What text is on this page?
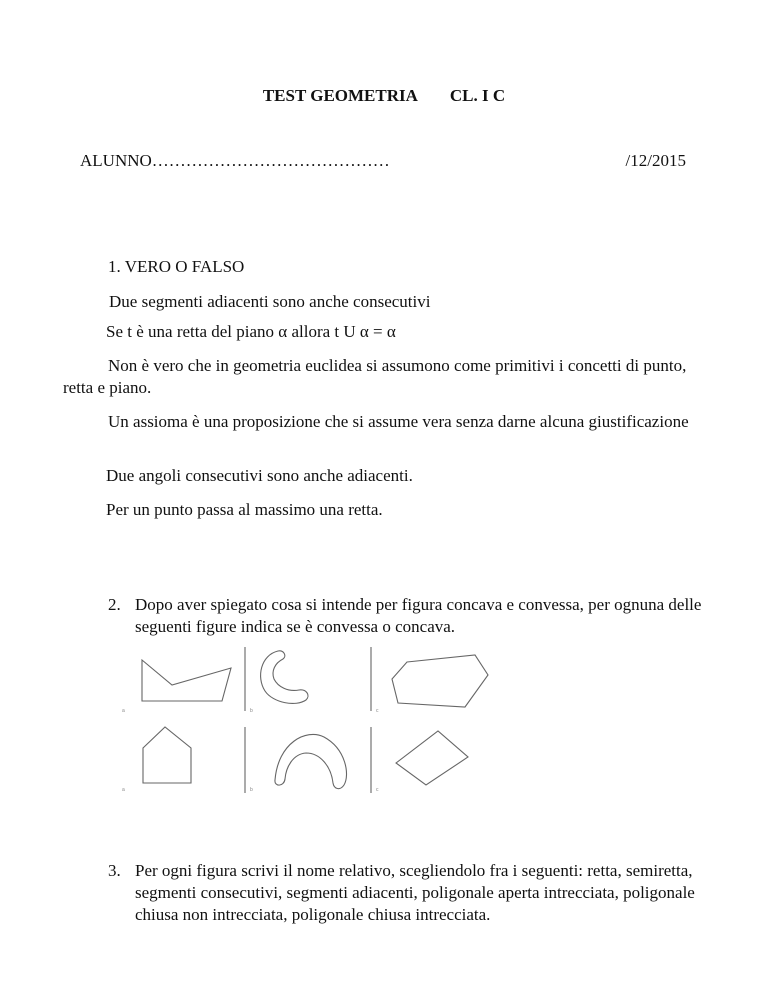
TEST GEOMETRIA CL. I C
ALUNNO……………………………………	/12/2015
1. VERO O FALSO
Due segmenti adiacenti sono anche consecutivi
Se t è una retta del piano α allora t U α = α
Non è vero che in geometria euclidea si assumono come primitivi i concetti di punto, retta e piano.
Un assioma è una proposizione che si assume vera senza darne alcuna giustificazione
Due angoli consecutivi sono anche adiacenti.
Per un punto passa al massimo una retta.
2. Dopo aver spiegato cosa si intende per figura concava e convessa, per ognuna delle seguenti figure indica se è convessa o concava.
a	b	c
a	b	c
3. Per ogni figura scrivi il nome relativo, scegliendolo fra i seguenti: retta, semiretta, segmenti consecutivi, segmenti adiacenti, poligonale aperta intrecciata, poligonale chiusa non intrecciata, poligonale chiusa intrecciata.
